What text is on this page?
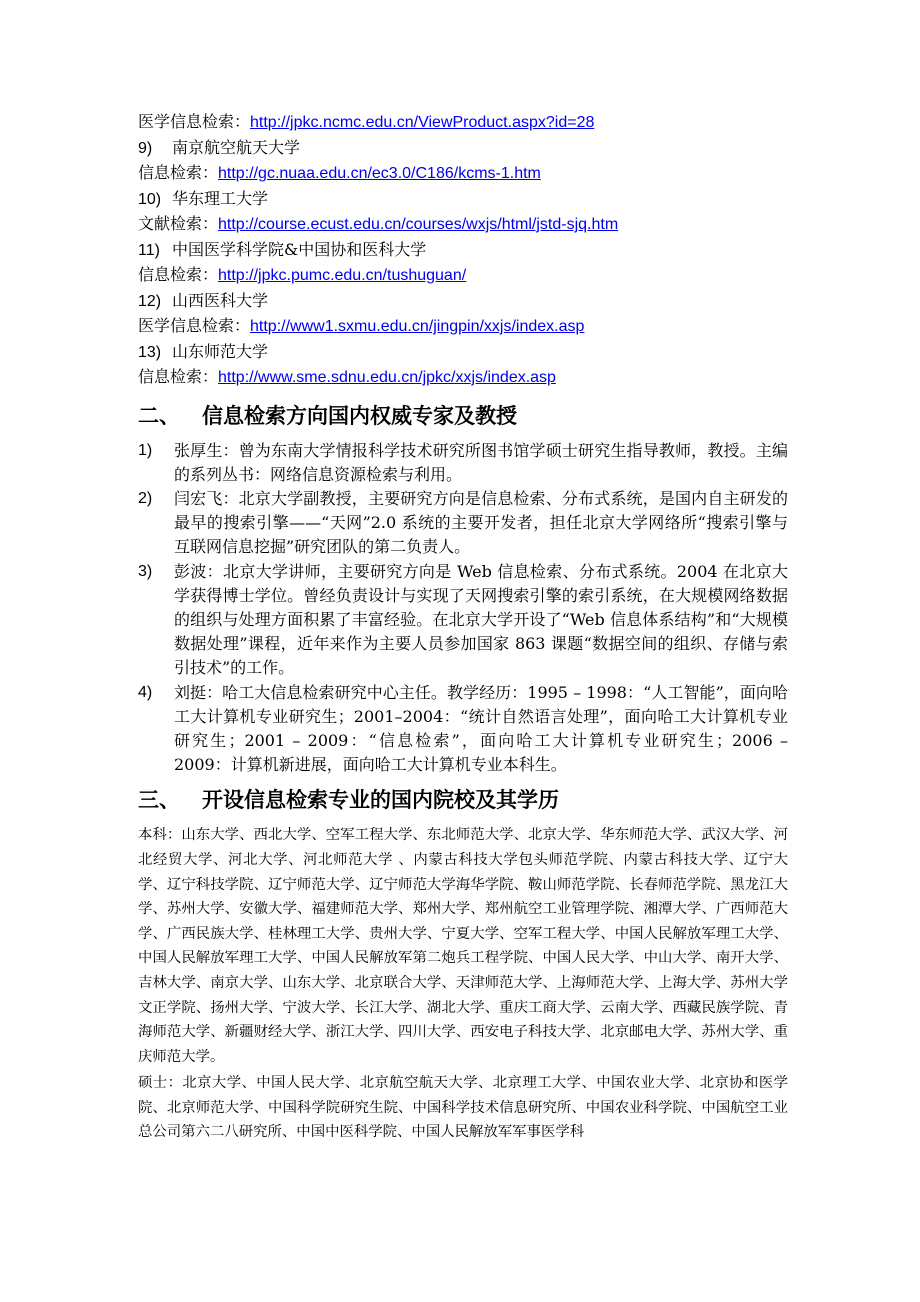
医学信息检索：http://jpkc.ncmc.edu.cn/ViewProduct.aspx?id=28
9) 南京航空航天大学
信息检索：http://gc.nuaa.edu.cn/ec3.0/C186/kcms-1.htm
10) 华东理工大学
文献检索：http://course.ecust.edu.cn/courses/wxjs/html/jstd-sjq.htm
11) 中国医学科学院&中国协和医科大学
信息检索：http://jpkc.pumc.edu.cn/tushuguan/
12) 山西医科大学
医学信息检索：http://www1.sxmu.edu.cn/jingpin/xxjs/index.asp
13) 山东师范大学
信息检索：http://www.sme.sdnu.edu.cn/jpkc/xxjs/index.asp
二、 信息检索方向国内权威专家及教授
1) 张厚生：曾为东南大学情报科学技术研究所图书馆学硕士研究生指导教师，教授。主编的系列丛书：网络信息资源检索与利用。
2) 闫宏飞：北京大学副教授，主要研究方向是信息检索、分布式系统，是国内自主研发的最早的搜索引擎——“天网”2.0 系统的主要开发者，担任北京大学网络所“搜索引擎与互联网信息挖掘”研究团队的第二负责人。
3) 彭波：北京大学讲师，主要研究方向是 Web 信息检索、分布式系统。2004 在北京大学获得博士学位。曾经负责设计与实现了天网搜索引擎的索引系统，在大规模网络数据的组织与处理方面积累了丰富经验。在北京大学开设了“Web 信息体系结构”和“大规模数据处理”课程，近年来作为主要人员参加国家 863 课题“数据空间的组织、存储与索引技术”的工作。
4) 刘挺：哈工大信息检索研究中心主任。教学经历：1995 – 1998：“人工智能”，面向哈工大计算机专业研究生；2001–2004：“统计自然语言处理”，面向哈工大计算机专业研究生；2001 – 2009：“信息检索”，面向哈工大计算机专业研究生；2006 – 2009：计算机新进展，面向哈工大计算机专业本科生。
三、 开设信息检索专业的国内院校及其学历

本科：山东大学、西北大学、空军工程大学、东北师范大学、北京大学、华东师范大学、武汉大学、河北经贸大学、河北大学、河北师范大学 、内蒙古科技大学包头师范学院、内蒙古科技大学、辽宁大学、辽宁科技学院、辽宁师范大学、辽宁师范大学海华学院、鞍山师范学院、长春师范学院、黑龙江大学、苏州大学、安徽大学、福建师范大学、郑州大学、郑州航空工业管理学院、湘潭大学、广西师范大学、广西民族大学、桂林理工大学、贵州大学、宁夏大学、空军工程大学、中国人民解放军理工大学、中国人民解放军理工大学、中国人民解放军第二炮兵工程学院、中国人民大学、中山大学、南开大学、吉林大学、南京大学、山东大学、北京联合大学、天津师范大学、上海师范大学、上海大学、苏州大学文正学院、扬州大学、宁波大学、长江大学、湖北大学、重庆工商大学、云南大学、西藏民族学院、青海师范大学、新疆财经大学、浙江大学、四川大学、西安电子科技大学、北京邮电大学、苏州大学、重庆师范大学。

硕士：北京大学、中国人民大学、北京航空航天大学、北京理工大学、中国农业大学、北京协和医学院、北京师范大学、中国科学院研究生院、中国科学技术信息研究所、中国农业科学院、中国航空工业总公司第六二八研究所、中国中医科学院、中国人民解放军军事医学科
